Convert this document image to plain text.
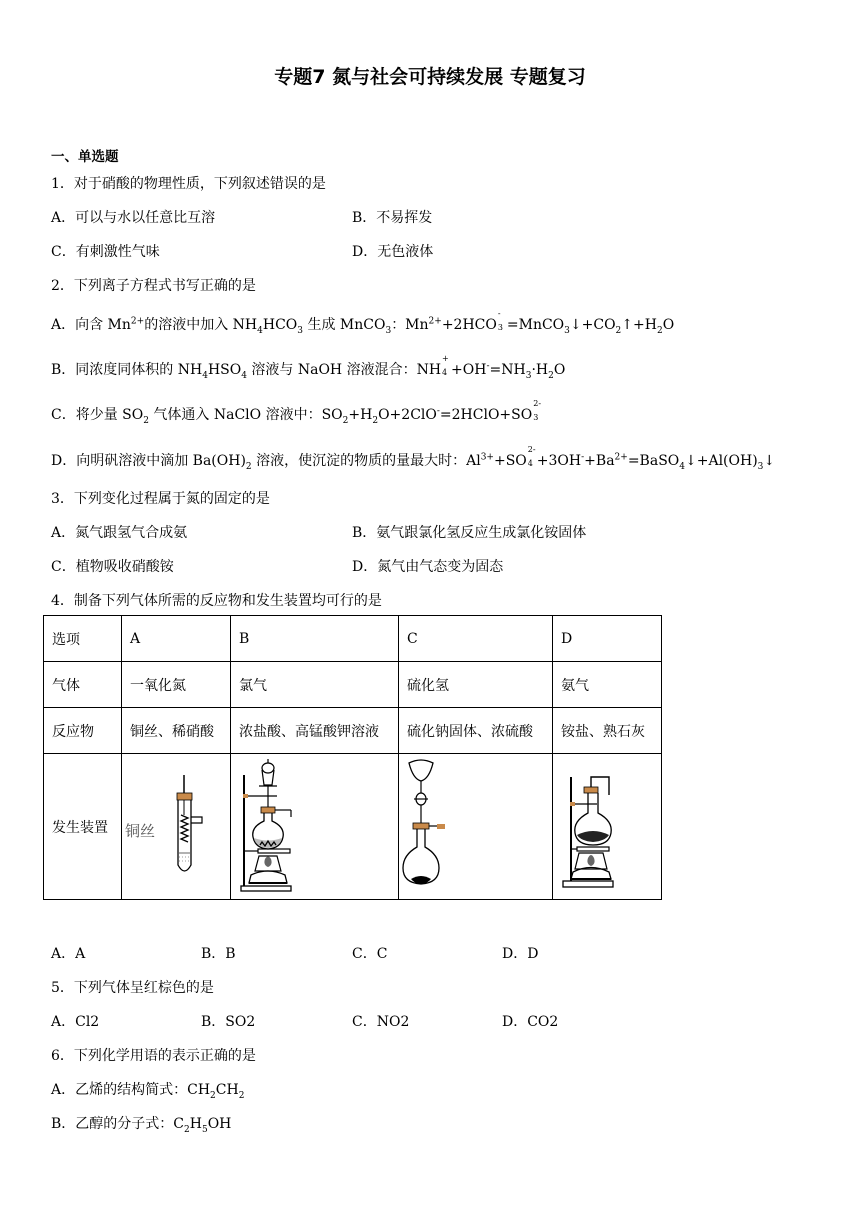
专题7 氮与社会可持续发展 专题复习
一、单选题
1．对于硝酸的物理性质，下列叙述错误的是
A．可以与水以任意比互溶	B．不易挥发
C．有刺激性气味	D．无色液体
2．下列离子方程式书写正确的是
A．向含 $Mn^{2+}$的溶液中加入 $NH_4HCO_3$ 生成 MnCO$_3$：$Mn^{2+}+2HCO$
-
$3 =MnCO_3↓+CO_2↑+H_2O$
B．同浓度同体积的 $NH_4HSO_4$ 溶液与 NaOH 溶液混合：NH
+
$4 +OH^-=NH_3\cdot H_2O$
C．将少量 $SO_2$ 气体通入 NaClO 溶液中：$SO_2+H_2O+2ClO^-=2HClO+SO$
2-
3
D．向明矾溶液中滴加 $Ba(OH)_2$ 溶液，使沉淀的物质的量最大时：$Al^{3+}+SO$
2-
$4 +3OH^-+Ba^{2+}=BaSO_4↓+Al(OH)_3↓$
3．下列变化过程属于氮的固定的是
A．氮气跟氢气合成氨	B．氨气跟氯化氢反应生成氯化铵固体
C．植物吸收硝酸铵	D．氮气由气态变为固态
4．制备下列气体所需的反应物和发生装置均可行的是
选项	A	B	C	D
气体	一氧化氮	氯气	硫化氢	氨气
反应物	铜丝、稀硝酸	浓盐酸、高锰酸钾溶液	硫化钠固体、浓硫酸	铵盐、熟石灰
发生装置	铜丝

A．A	B．B	C．C	D．D
5．下列气体呈红棕色的是
A．Cl2	B．SO2	C．NO2	D．CO2
6．下列化学用语的表示正确的是
A．乙烯的结构简式：$CH_2CH_2$
B．乙醇的分子式：$C_2H_5OH$
